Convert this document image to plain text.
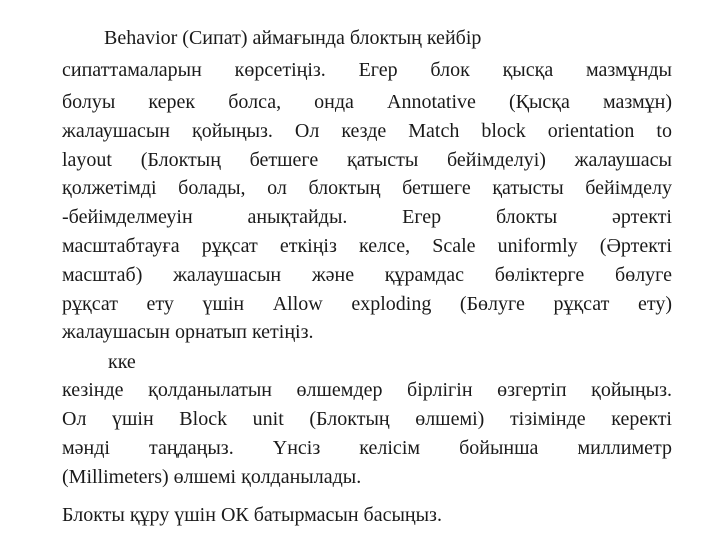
Behavior (Сипат) аймағында блоктың кейбір

сипаттамаларын көрсетіңіз. Егер блок қысқа мазмұнды

болуы керек болса, онда Annotative (Қысқа мазмұн)

жалаушасын қойыңыз. Ол кезде Match block orientation to

layout (Блоктың бетшеге қатысты бейімделуі) жалаушасы

қолжетімді болады, ол блоктың бетшеге қатысты бейімделу

-бейімделмеуін анықтайды. Егер блокты әртекті

масштабтауға рұқсат еткіңіз келсе, Scale uniformly (Әртекті

масштаб) жалаушасын және құрамдас бөліктерге бөлуге

рұқсат ету үшін Allow exploding (Бөлуге рұқсат ету)

жалаушасын орнатып кетіңіз.

кке

кезінде қолданылатын өлшемдер бірлігін өзгертіп қойыңыз.

Ол үшін Block unit (Блоктың өлшемі) тізімінде керекті

мәнді таңдаңыз. Үнсіз келісім бойынша миллиметр

(Millimeters) өлшемі қолданылады.

Блокты құру үшін ОК батырмасын басыңыз.
